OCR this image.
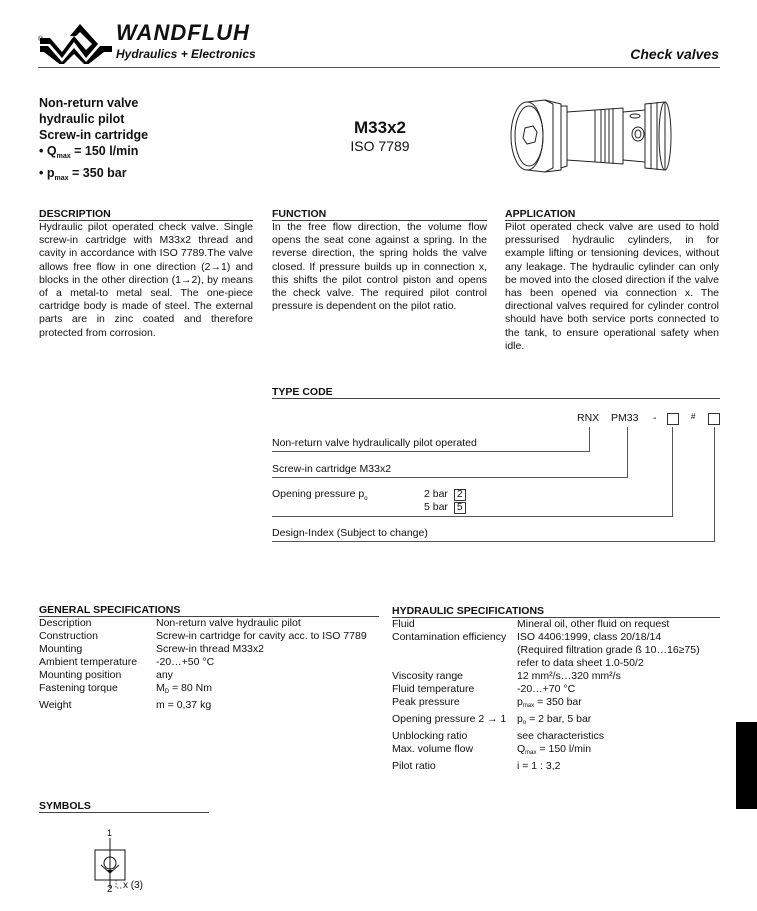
®	WANDFLUH
Hydraulics + Electronics	Check valves
Non-return valve
hydraulic pilot
Screw-in cartridge
• $Q_{max} = 150$ l/min
• $p_{max} = 350$ bar
M33x2
ISO 7789
DESCRIPTION
Hydraulic pilot operated check valve. Single screw-in cartridge with M33x2 thread and cavity in accordance with ISO 7789.The valve allows free flow in one direction (2→1) and blocks in the other direction (1→2), by means of a metal-to metal seal. The one-piece cartridge body is made of steel. The external parts are in zinc coated and therefore protected from corrosion.
FUNCTION
In the free flow direction, the volume flow opens the seat cone against a spring. In the reverse direction, the spring holds the valve closed. If pressure builds up in connection x, this shifts the pilot control piston and opens the check valve. The required pilot control pressure is dependent on the pilot ratio.
APPLICATION
Pilot operated check valve are used to hold pressurised hydraulic cylinders, in for example lifting or tensioning devices, without any leakage. The hydraulic cylinder can only be moved into the closed direction if the valve has been opened via connection x. The directional valves required for cylinder control should have both service ports connected to the tank, to ensure operational safety when idle.
TYPE CODE
RNX PM33 -	#
Non-return valve hydraulically pilot operated
Screw-in cartridge M33x2
Opening pressure $p_o$	2 bar 2
5 bar 5
Design-Index (Subject to change)
GENERAL SPECIFICATIONS
Description	Non-return valve hydraulic pilot
Construction	Screw-in cartridge for cavity acc. to ISO 7789
Mounting	Screw-in thread M33x2
Ambient temperature	-20…+50 °C
Mounting position	any
Fastening torque	$M_D = 80$ Nm
Weight	m = 0,37 kg
HYDRAULIC SPECIFICATIONS
Fluid	Mineral oil, other fluid on request
Contamination efficiency	ISO 4406:1999, class 20/18/14
	(Required filtration grade ß 10…16≥75)
	refer to data sheet 1.0-50/2
Viscosity range	12 mm²/s…320 mm²/s
Fluid temperature	-20…+70 °C
Peak pressure	$p_{max} = 350$ bar
Opening pressure 2 → 1	$p_o = 2$ bar, 5 bar
Unblocking ratio	see characteristics
Max. volume flow	$Q_{max} = 150$ l/min
Pilot ratio	i = 1 : 3,2
SYMBOLS
1
2 x (3)
